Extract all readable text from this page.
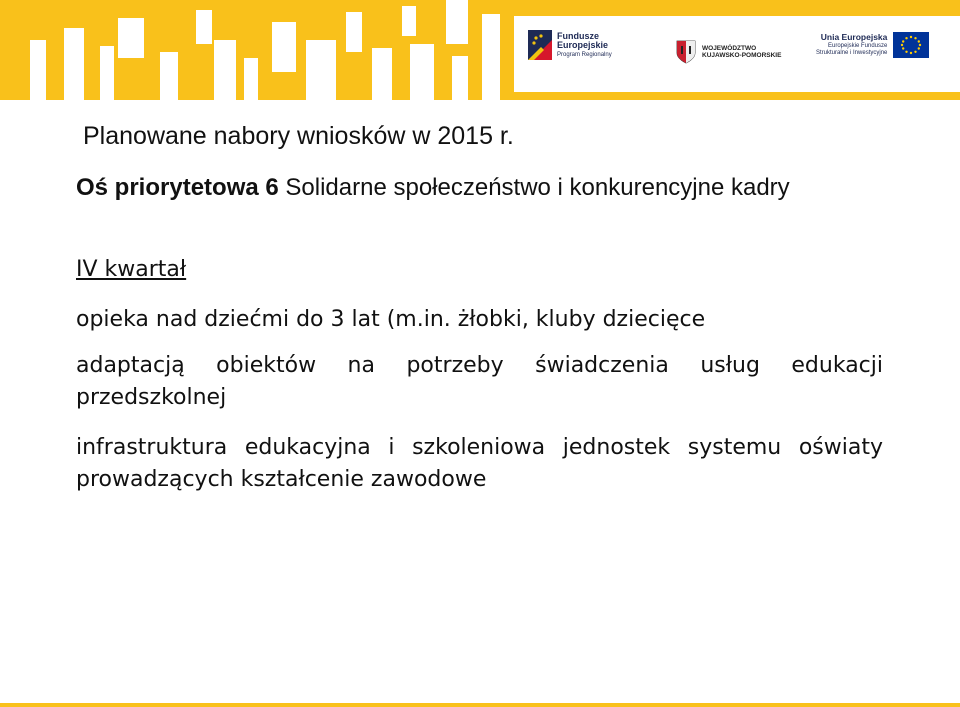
Fundusze
Europejskie
Program Regionalny
WOJEWÓDZTWO
KUJAWSKO-POMORSKIE
Unia Europejska
Europejskie Fundusze
Strukturalne i Inwestycyjne

Planowane nabory wniosków w 2015 r.

Oś priorytetowa 6 Solidarne społeczeństwo i konkurencyjne kadry

IV kwartał

opieka nad dziećmi do 3 lat (m.in. żłobki, kluby dziecięce

adaptacją obiektów na potrzeby świadczenia usług edukacji przedszkolnej

infrastruktura edukacyjna i szkoleniowa jednostek systemu oświaty prowadzących kształcenie zawodowe
